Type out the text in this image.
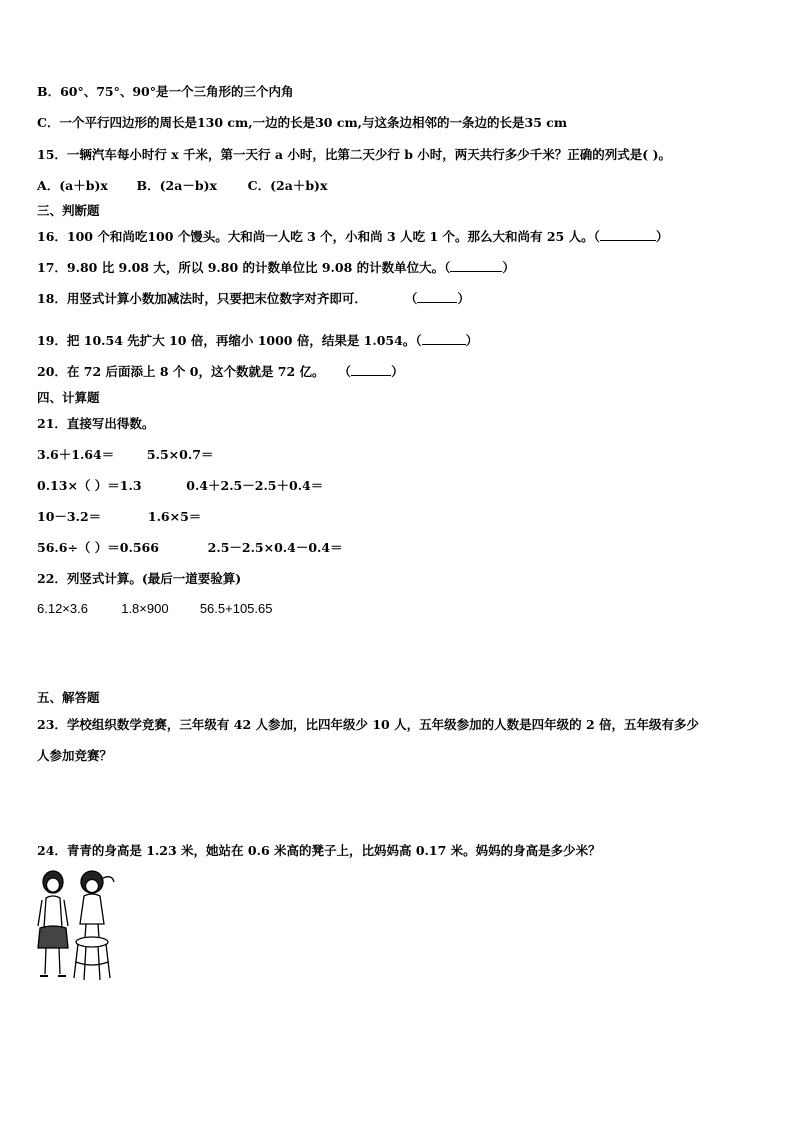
B．60°、75°、90°是一个三角形的三个内角
C．一个平行四边形的周长是130 cm,一边的长是30 cm,与这条边相邻的一条边的长是35 cm
15．一辆汽车每小时行 x 千米，第一天行 a 小时，比第二天少行 b 小时，两天共行多少千米？正确的列式是( )。
A．(a＋b)x B．(2a－b)x C．(2a＋b)x
三、判断题
16．100 个和尚吃100 个馒头。大和尚一人吃 3 个，小和尚 3 人吃 1 个。那么大和尚有 25 人。（	）
17．9.80 比 9.08 大，所以 9.80 的计数单位比 9.08 的计数单位大。（	）
18．用竖式计算小数加减法时，只要把末位数字对齐即可．	（	）
19．把 10.54 先扩大 10 倍，再缩小 1000 倍，结果是 1.054。（	）
20．在 72 后面添上 8 个 0，这个数就是 72 亿。 （	）
四、计算题
21．直接写出得数。
3.6＋1.64＝	5.5×0.7＝
0.13×（ ）＝1.3	0.4＋2.5－2.5＋0.4＝
10－3.2＝	1.6×5＝
56.6÷（ ）＝0.566	2.5－2.5×0.4－0.4＝
22．列竖式计算。(最后一道要验算)
6.12×3.6	1.8×900 56.5+105.65
五、解答题
23．学校组织数学竞赛，三年级有 42 人参加，比四年级少 10 人，五年级参加的人数是四年级的 2 倍，五年级有多少
人参加竞赛？
24．青青的身高是 1.23 米，她站在 0.6 米高的凳子上，比妈妈高 0.17 米。妈妈的身高是多少米？
